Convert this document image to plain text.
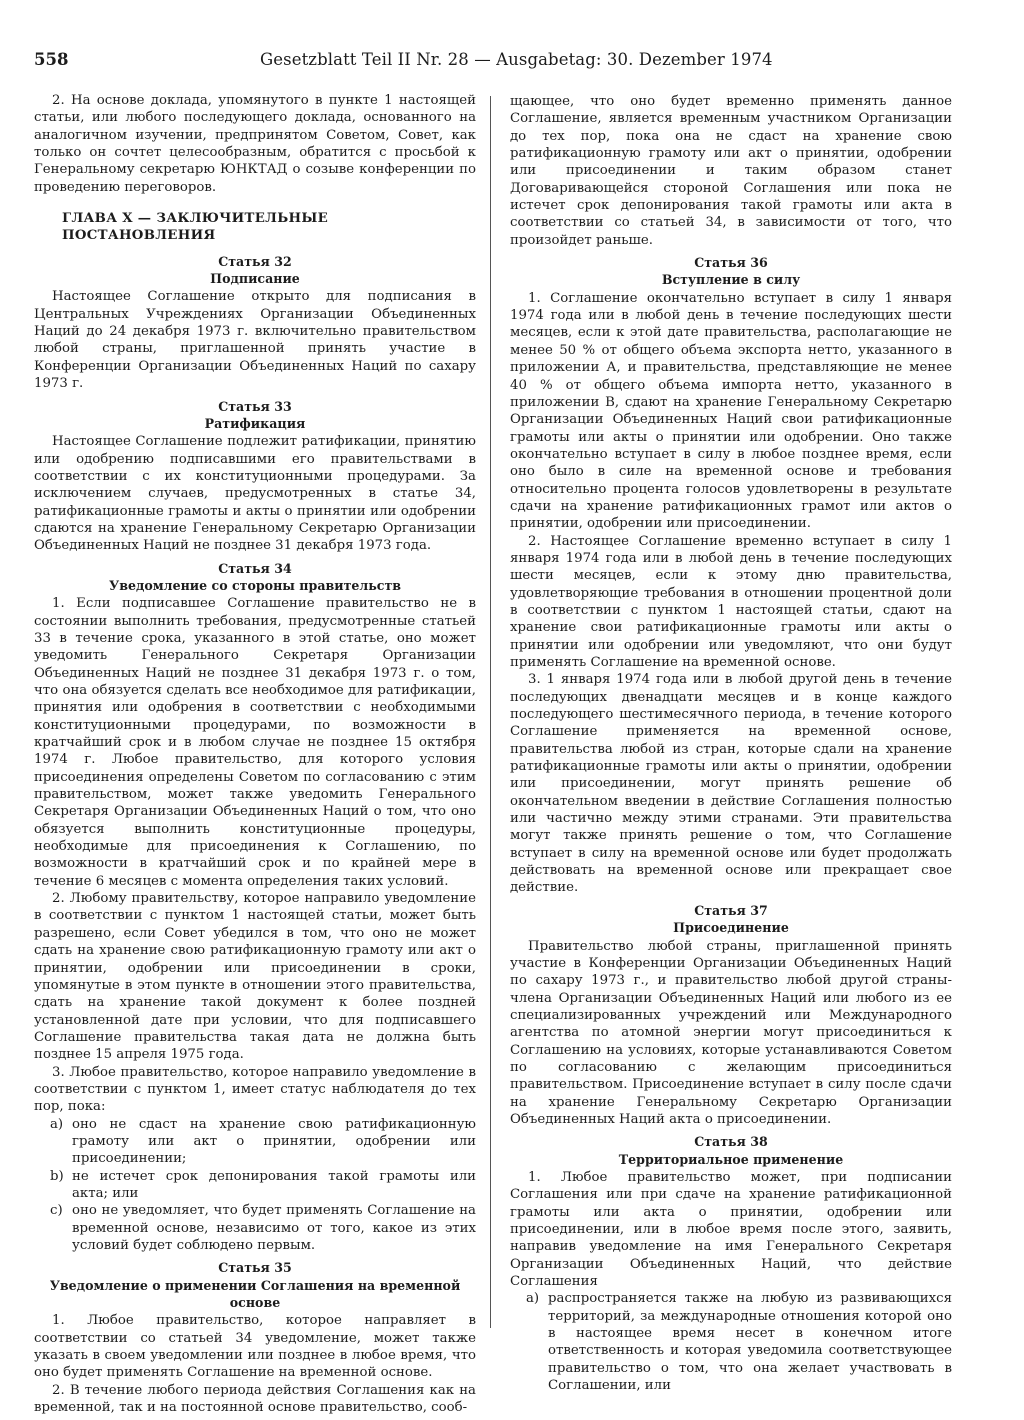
558	Gesetzblatt Teil II Nr. 28 — Ausgabetag: 30. Dezember 1974

2. На основе доклада, упомянутого в пункте 1 настоящей статьи, или любого последующего доклада, основанного на аналогичном изучении, предпринятом Советом, Совет, как только он сочтет целесообразным, обратится с просьбой к Генеральному секретарю ЮНКТАД о созыве конференции по проведению переговоров.

ГЛАВА X — ЗАКЛЮЧИТЕЛЬНЫЕ ПОСТАНОВЛЕНИЯ
Статья 32
Подписание

Настоящее Соглашение открыто для подписания в Центральных Учреждениях Организации Объединенных Наций до 24 декабря 1973 г. включительно правительством любой страны, приглашенной принять участие в Конференции Организации Объединенных Наций по сахару 1973 г.

Статья 33
Ратификация

Настоящее Соглашение подлежит ратификации, принятию или одобрению подписавшими его правительствами в соответствии с их конституционными процедурами. За исключением случаев, предусмотренных в статье 34, ратификационные грамоты и акты о принятии или одобрении сдаются на хранение Генеральному Секретарю Организации Объединенных Наций не позднее 31 декабря 1973 года.

Статья 34
Уведомление со стороны правительств

1. Если подписавшее Соглашение правительство не в состоянии выполнить требования, предусмотренные статьей 33 в течение срока, указанного в этой статье, оно может уведомить Генерального Секретаря Организации Объединенных Наций не позднее 31 декабря 1973 г. о том, что она обязуется сделать все необходимое для ратификации, принятия или одобрения в соответствии с необходимыми конституционными процедурами, по возможности в кратчайший срок и в любом случае не позднее 15 октября 1974 г. Любое правительство, для которого условия присоединения определены Советом по согласованию с этим правительством, может также уведомить Генерального Секретаря Организации Объединенных Наций о том, что оно обязуется выполнить конституционные процедуры, необходимые для присоединения к Соглашению, по возможности в кратчайший срок и по крайней мере в течение 6 месяцев с момента определения таких условий.

2. Любому правительству, которое направило уведомление в соответствии с пунктом 1 настоящей статьи, может быть разрешено, если Совет убедился в том, что оно не может сдать на хранение свою ратификационную грамоту или акт о принятии, одобрении или присоединении в сроки, упомянутые в этом пункте в отношении этого правительства, сдать на хранение такой документ к более поздней установленной дате при условии, что для подписавшего Соглашение правительства такая дата не должна быть позднее 15 апреля 1975 года.

3. Любое правительство, которое направило уведомление в соответствии с пунктом 1, имеет статус наблюдателя до тех пор, пока:

a) оно не сдаст на хранение свою ратификационную грамоту или акт о принятии, одобрении или присоединении;
b) не истечет срок депонирования такой грамоты или акта; или
c) оно не уведомляет, что будет применять Соглашение на временной основе, независимо от того, какое из этих условий будет соблюдено первым.
Статья 35
Уведомление о применении Соглашения на временной основе

1. Любое правительство, которое направляет в соответствии со статьей 34 уведомление, может также указать в своем уведомлении или позднее в любое время, что оно будет применять Соглашение на временной основе.

2. В течение любого периода действия Соглашения как на временной, так и на постоянной основе правительство, сооб-

щающее, что оно будет временно применять данное Соглашение, является временным участником Организации до тех пор, пока она не сдаст на хранение свою ратификационную грамоту или акт о принятии, одобрении или присоединении и таким образом станет Договаривающейся стороной Соглашения или пока не истечет срок депонирования такой грамоты или акта в соответствии со статьей 34, в зависимости от того, что произойдет раньше.

Статья 36
Вступление в силу

1. Соглашение окончательно вступает в силу 1 января 1974 года или в любой день в течение последующих шести месяцев, если к этой дате правительства, располагающие не менее 50 % от общего объема экспорта нетто, указанного в приложении А, и правительства, представляющие не менее 40 % от общего объема импорта нетто, указанного в приложении В, сдают на хранение Генеральному Секретарю Организации Объединенных Наций свои ратификационные грамоты или акты о принятии или одобрении. Оно также окончательно вступает в силу в любое позднее время, если оно было в силе на временной основе и требования относительно процента голосов удовлетворены в результате сдачи на хранение ратификационных грамот или актов о принятии, одобрении или присоединении.

2. Настоящее Соглашение временно вступает в силу 1 января 1974 года или в любой день в течение последующих шести месяцев, если к этому дню правительства, удовлетворяющие требования в отношении процентной доли в соответствии с пунктом 1 настоящей статьи, сдают на хранение свои ратификационные грамоты или акты о принятии или одобрении или уведомляют, что они будут применять Соглашение на временной основе.

3. 1 января 1974 года или в любой другой день в течение последующих двенадцати месяцев и в конце каждого последующего шестимесячного периода, в течение которого Соглашение применяется на временной основе, правительства любой из стран, которые сдали на хранение ратификационные грамоты или акты о принятии, одобрении или присоединении, могут принять решение об окончательном введении в действие Соглашения полностью или частично между этими странами. Эти правительства могут также принять решение о том, что Соглашение вступает в силу на временной основе или будет продолжать действовать на временной основе или прекращает свое действие.

Статья 37
Присоединение

Правительство любой страны, приглашенной принять участие в Конференции Организации Объединенных Наций по сахару 1973 г., и правительство любой другой страны-члена Организации Объединенных Наций или любого из ее специализированных учреждений или Международного агентства по атомной энергии могут присоединиться к Соглашению на условиях, которые устанавливаются Советом по согласованию с желающим присоединиться правительством. Присоединение вступает в силу после сдачи на хранение Генеральному Секретарю Организации Объединенных Наций акта о присоединении.

Статья 38
Территориальное применение

1. Любое правительство может, при подписании Соглашения или при сдаче на хранение ратификационной грамоты или акта о принятии, одобрении или присоединении, или в любое время после этого, заявить, направив уведомление на имя Генерального Секретаря Организации Объединенных Наций, что действие Соглашения

a) распространяется также на любую из развивающихся территорий, за международные отношения которой оно в настоящее время несет в конечном итоге ответственность и которая уведомила соответствующее правительство о том, что она желает участвовать в Соглашении, или
